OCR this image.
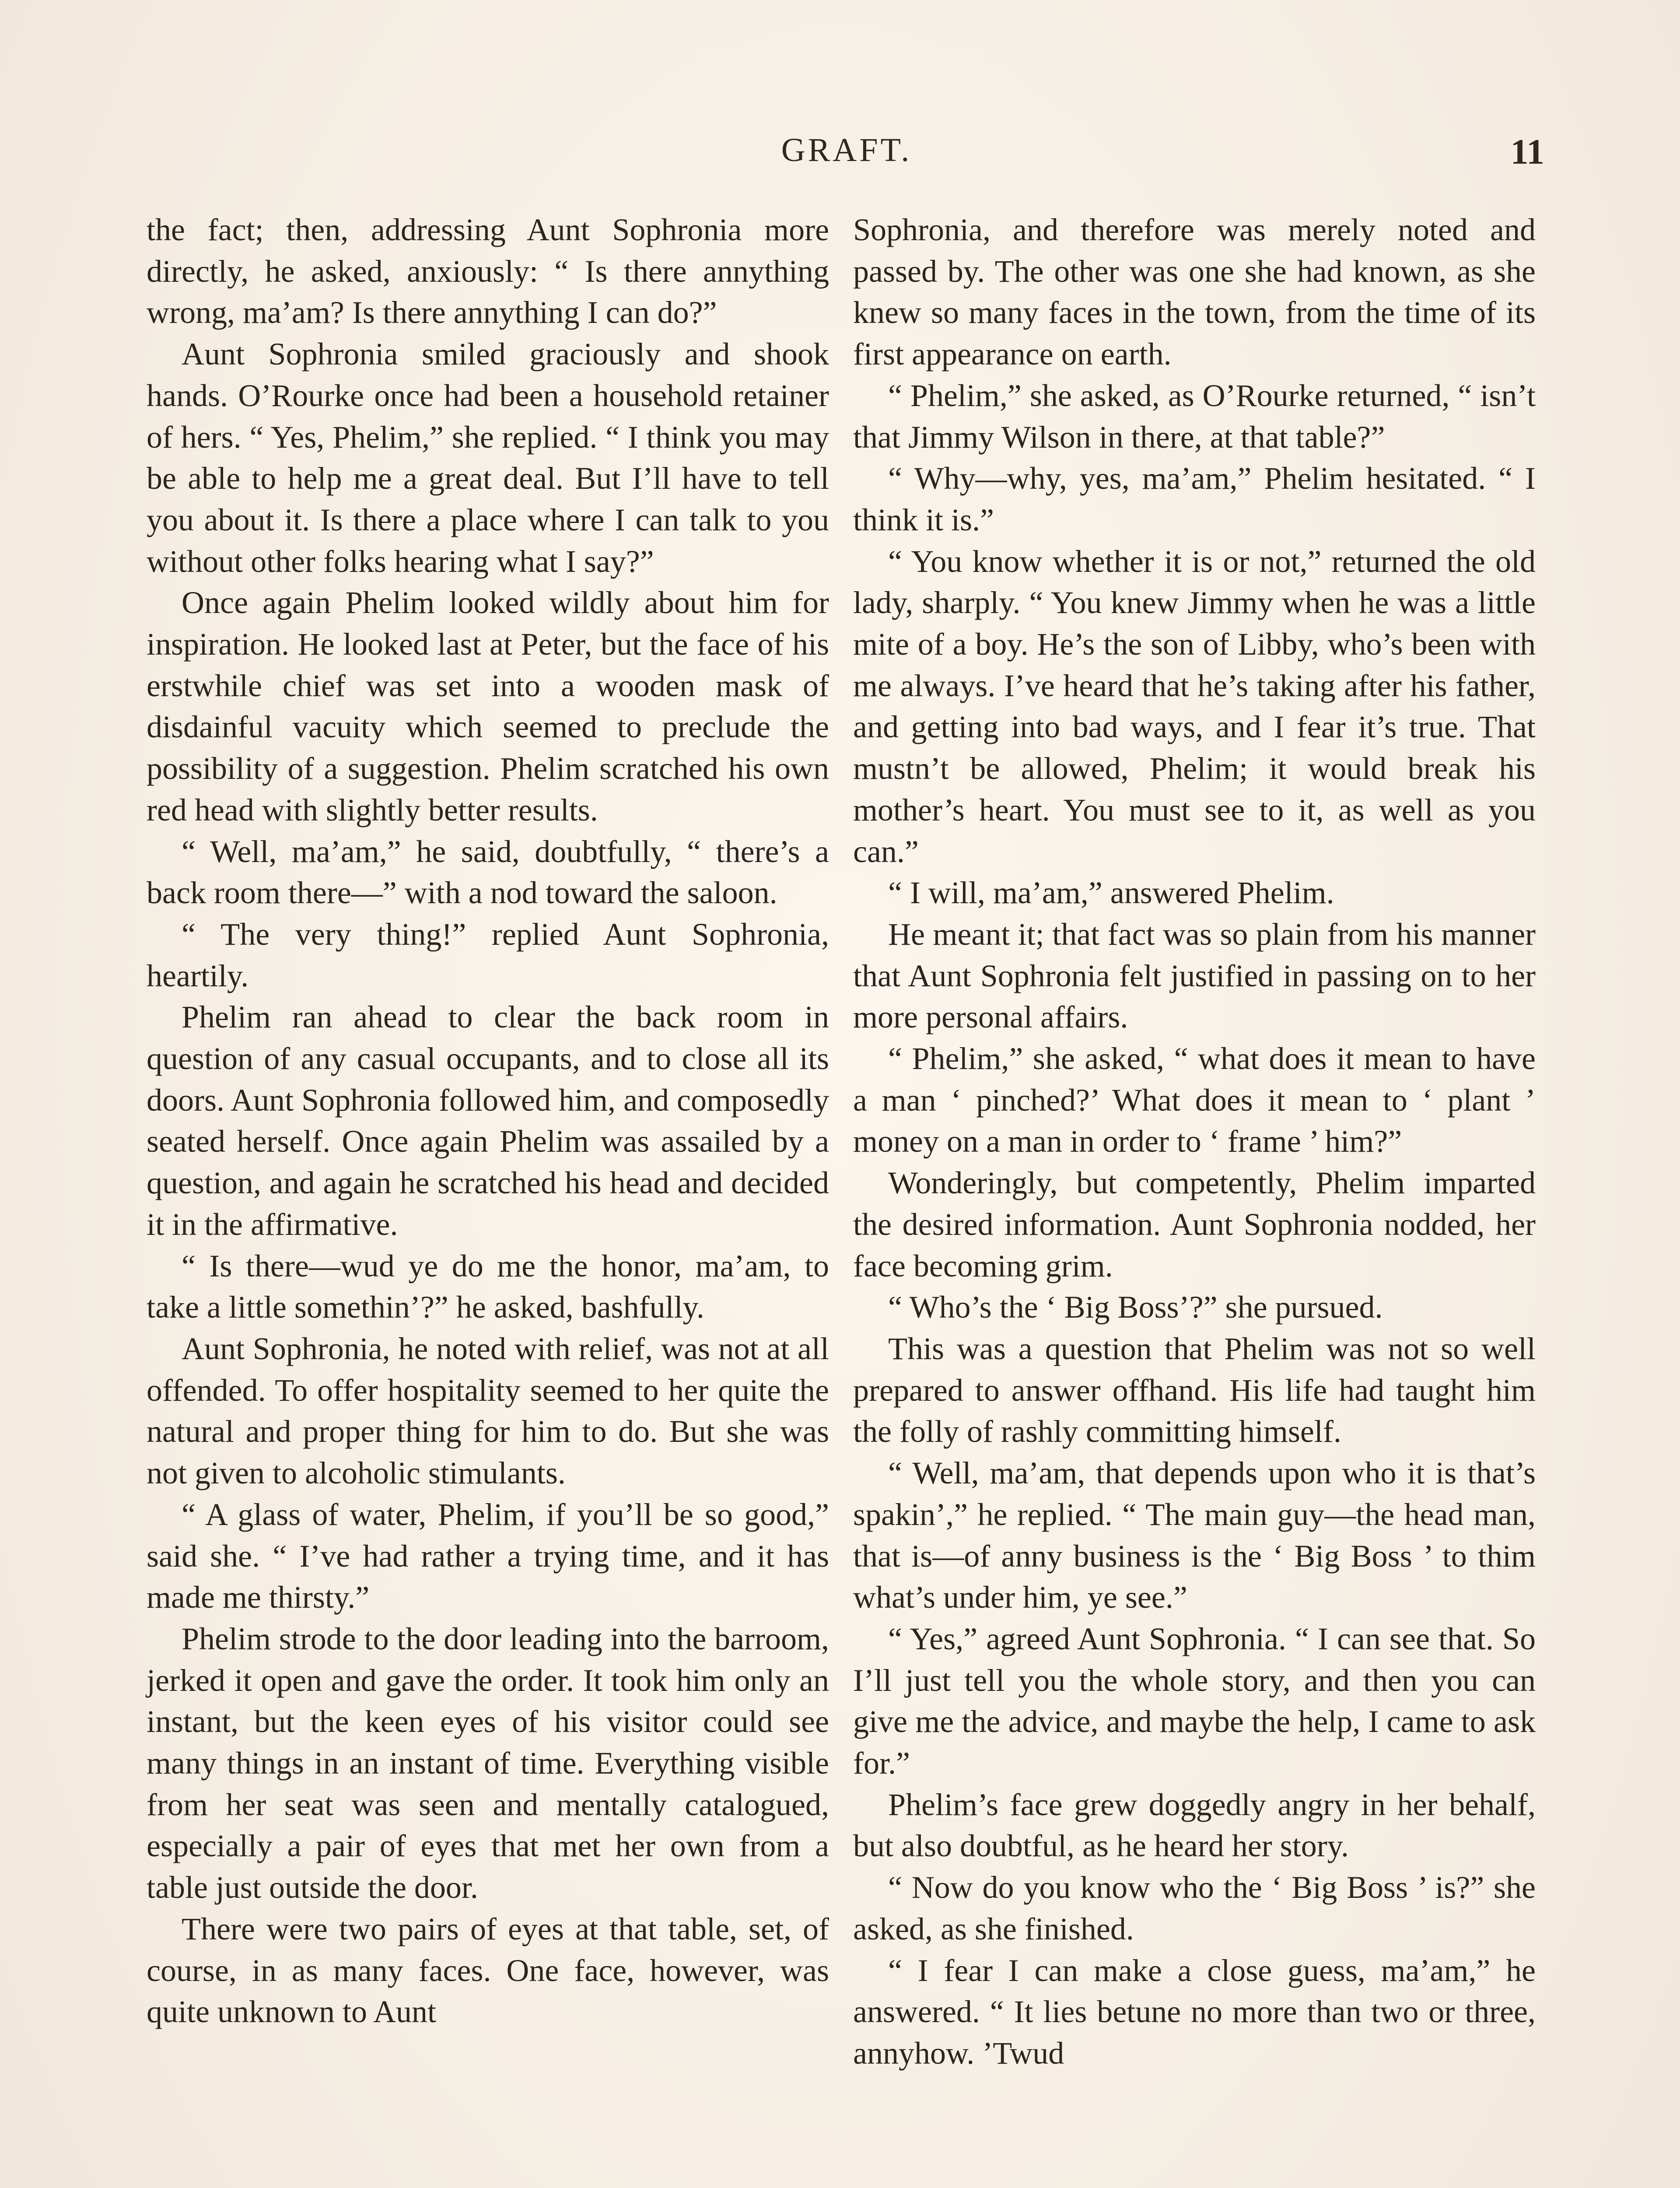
GRAFT.	11

the fact; then, addressing Aunt Sophronia more directly, he asked, anxiously: “ Is there annything wrong, ma’am? Is there annything I can do?”

Aunt Sophronia smiled graciously and shook hands. O’Rourke once had been a household retainer of hers. “ Yes, Phelim,” she replied. “ I think you may be able to help me a great deal. But I’ll have to tell you about it. Is there a place where I can talk to you without other folks hearing what I say?”

Once again Phelim looked wildly about him for inspiration. He looked last at Peter, but the face of his erstwhile chief was set into a wooden mask of disdainful vacuity which seemed to preclude the possibility of a suggestion. Phelim scratched his own red head with slightly better results.

“ Well, ma’am,” he said, doubtfully, “ there’s a back room there—” with a nod toward the saloon.

“ The very thing!” replied Aunt Sophronia, heartily.

Phelim ran ahead to clear the back room in question of any casual occupants, and to close all its doors. Aunt Sophronia followed him, and composedly seated herself. Once again Phelim was assailed by a question, and again he scratched his head and decided it in the affirmative.

“ Is there—wud ye do me the honor, ma’am, to take a little somethin’?” he asked, bashfully.

Aunt Sophronia, he noted with relief, was not at all offended. To offer hospitality seemed to her quite the natural and proper thing for him to do. But she was not given to alcoholic stimulants.

“ A glass of water, Phelim, if you’ll be so good,” said she. “ I’ve had rather a trying time, and it has made me thirsty.”

Phelim strode to the door leading into the barroom, jerked it open and gave the order. It took him only an instant, but the keen eyes of his visitor could see many things in an instant of time. Everything visible from her seat was seen and mentally catalogued, especially a pair of eyes that met her own from a table just outside the door.

There were two pairs of eyes at that table, set, of course, in as many faces. One face, however, was quite unknown to Aunt

Sophronia, and therefore was merely noted and passed by. The other was one she had known, as she knew so many faces in the town, from the time of its first appearance on earth.

“ Phelim,” she asked, as O’Rourke returned, “ isn’t that Jimmy Wilson in there, at that table?”

“ Why—why, yes, ma’am,” Phelim hesitated. “ I think it is.”

“ You know whether it is or not,” returned the old lady, sharply. “ You knew Jimmy when he was a little mite of a boy. He’s the son of Libby, who’s been with me always. I’ve heard that he’s taking after his father, and getting into bad ways, and I fear it’s true. That mustn’t be allowed, Phelim; it would break his mother’s heart. You must see to it, as well as you can.”

“ I will, ma’am,” answered Phelim.

He meant it; that fact was so plain from his manner that Aunt Sophronia felt justified in passing on to her more personal affairs.

“ Phelim,” she asked, “ what does it mean to have a man ‘ pinched?’ What does it mean to ‘ plant ’ money on a man in order to ‘ frame ’ him?”

Wonderingly, but competently, Phelim imparted the desired information. Aunt Sophronia nodded, her face becoming grim.

“ Who’s the ‘ Big Boss’?” she pursued.

This was a question that Phelim was not so well prepared to answer offhand. His life had taught him the folly of rashly committing himself.

“ Well, ma’am, that depends upon who it is that’s spakin’,” he replied. “ The main guy—the head man, that is—of anny business is the ‘ Big Boss ’ to thim what’s under him, ye see.”

“ Yes,” agreed Aunt Sophronia. “ I can see that. So I’ll just tell you the whole story, and then you can give me the advice, and maybe the help, I came to ask for.”

Phelim’s face grew doggedly angry in her behalf, but also doubtful, as he heard her story.

“ Now do you know who the ‘ Big Boss ’ is?” she asked, as she finished.

“ I fear I can make a close guess, ma’am,” he answered. “ It lies betune no more than two or three, annyhow. ’Twud
